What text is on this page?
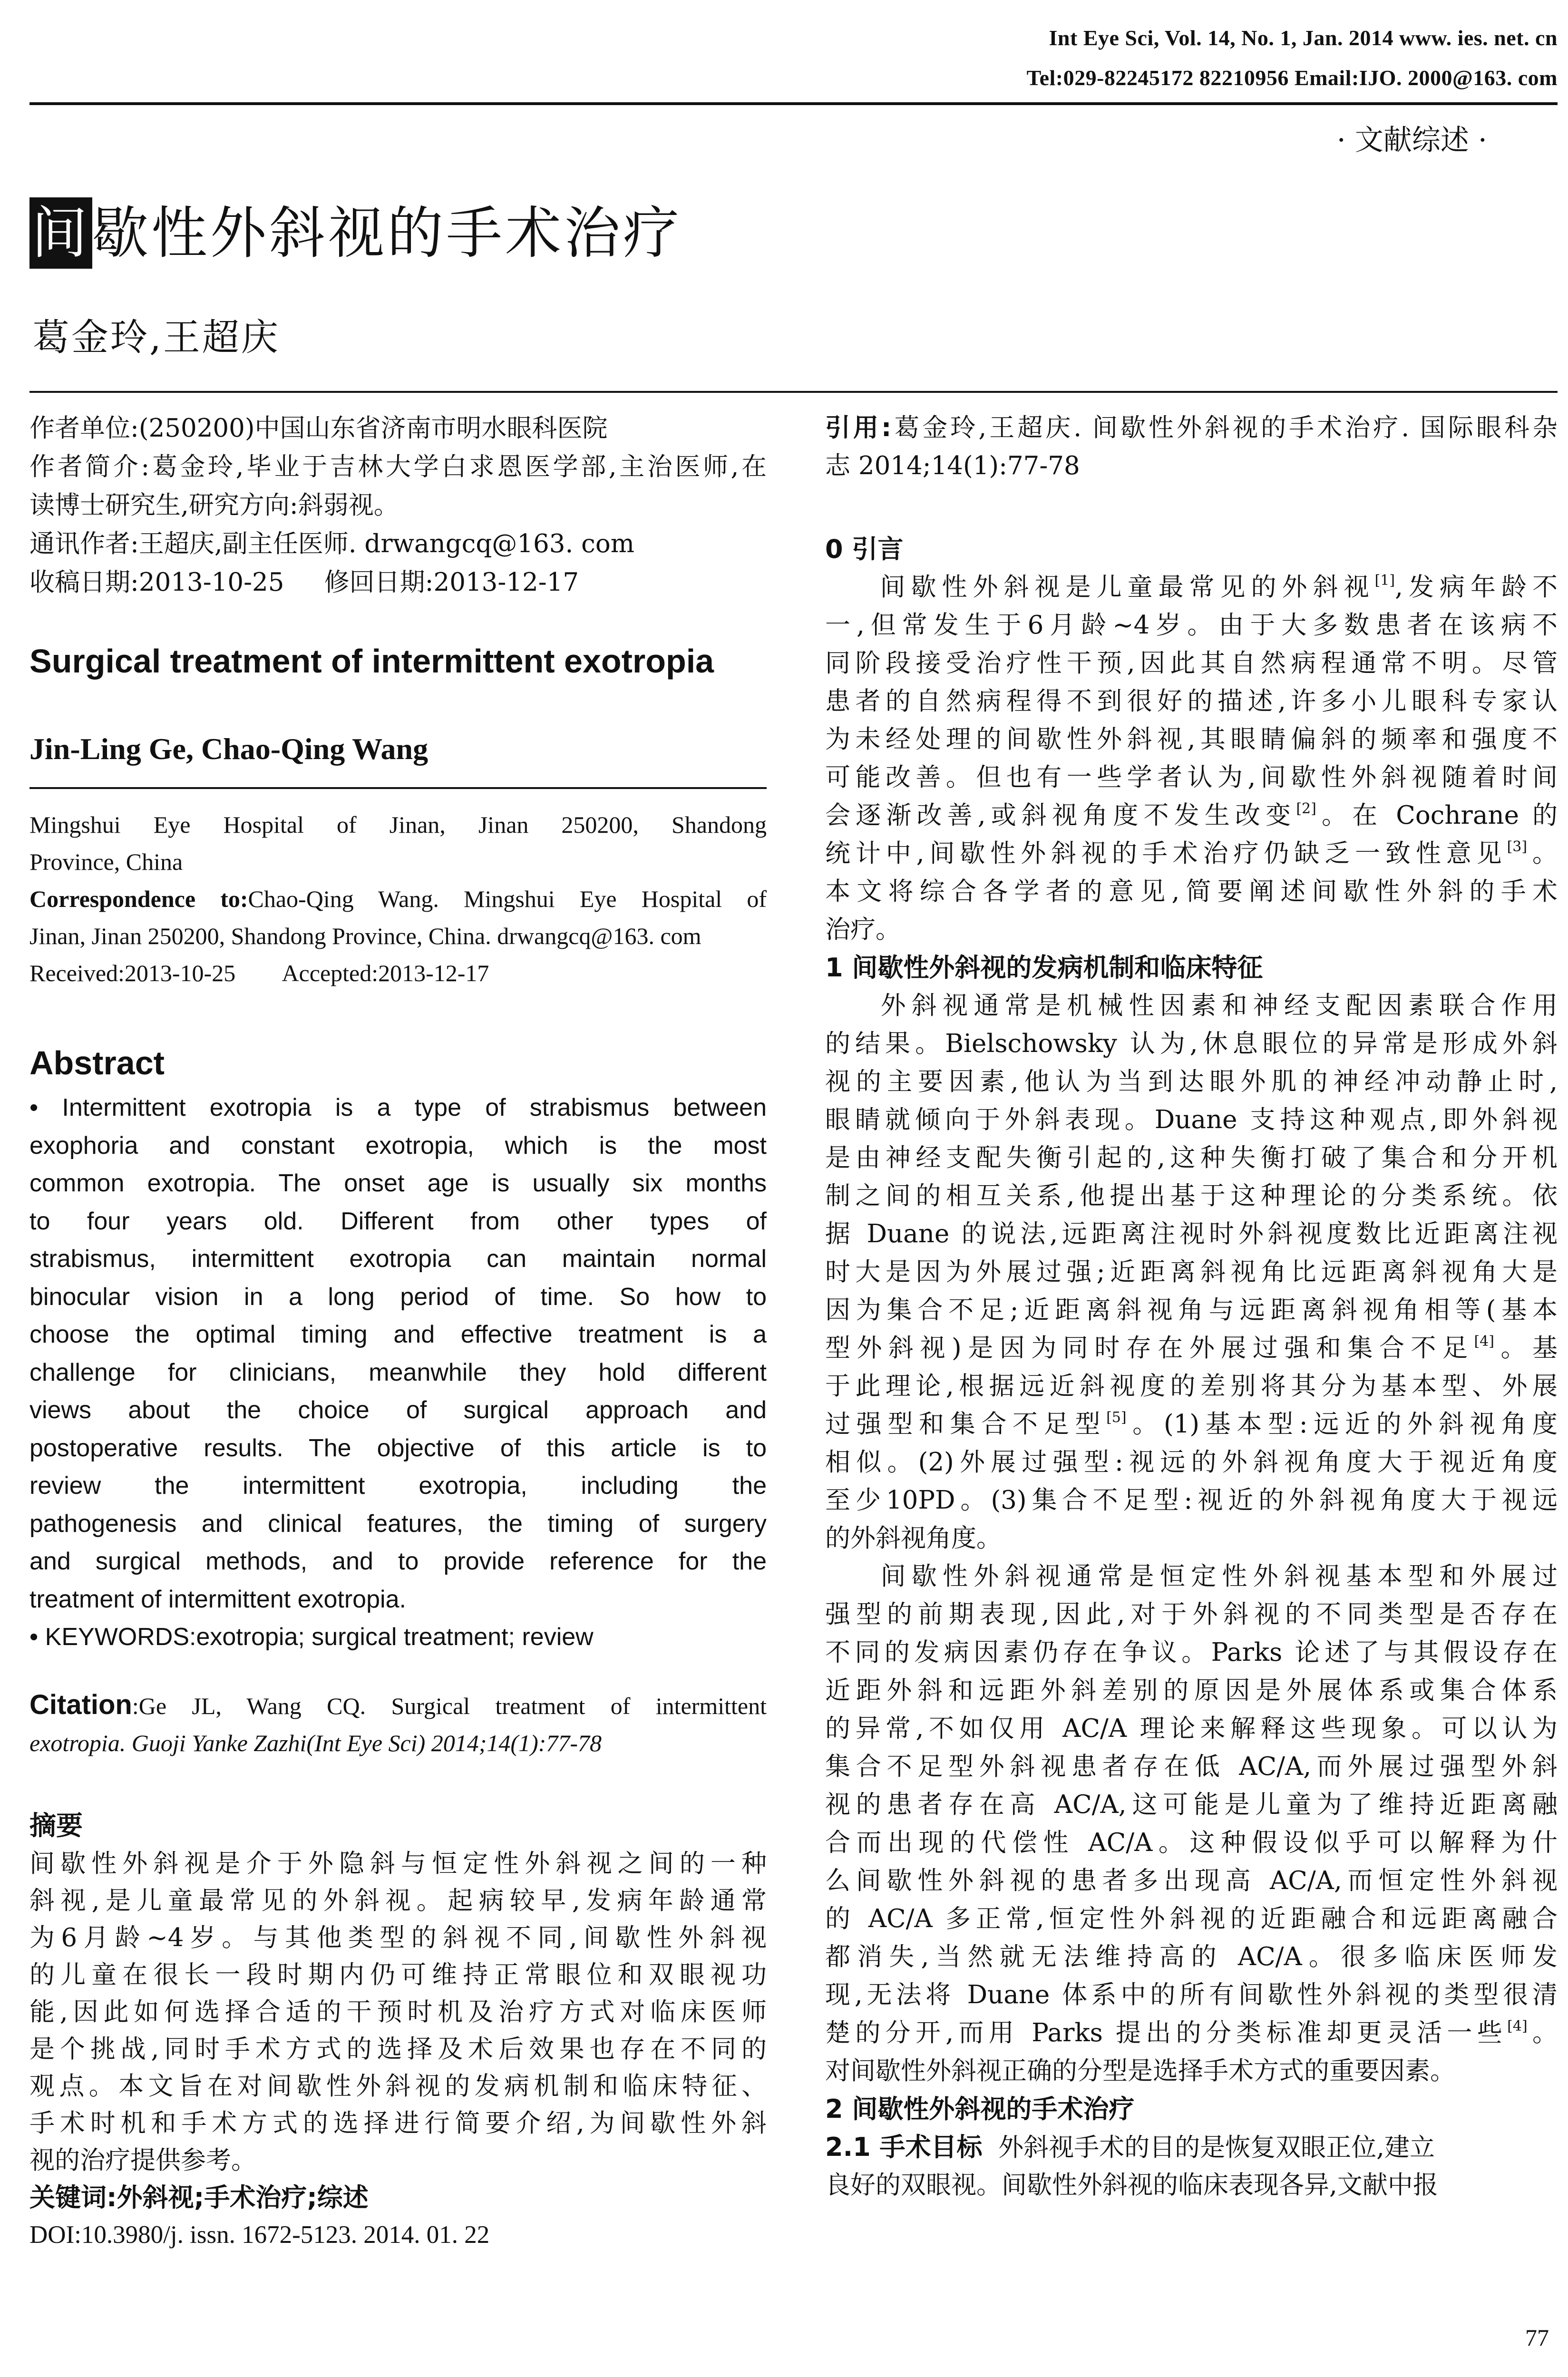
Int Eye Sci, Vol. 14, No. 1, Jan. 2014 www. ies. net. cn
Tel:029-82245172 82210956 Email:IJO. 2000@163. com
· 文献综述 ·
间歇性外斜视的手术治疗
葛金玲,王超庆
作者单位:(250200)中国山东省济南市明水眼科医院
作者简介:葛金玲,毕业于吉林大学白求恩医学部,主治医师,在
读博士研究生,研究方向:斜弱视。
通讯作者:王超庆,副主任医师. drwangcq@163. com
收稿日期:2013-10-25     修回日期:2013-12-17
Surgical treatment of intermittent exotropia
Jin-Ling Ge, Chao-Qing Wang
Mingshui Eye Hospital of Jinan, Jinan 250200, Shandong
Province, China
Correspondence to:Chao-Qing Wang. Mingshui Eye Hospital of
Jinan, Jinan 250200, Shandong Province, China. drwangcq@163. com
Received:2013-10-25        Accepted:2013-12-17
Abstract
• Intermittent exotropia is a type of strabismus between
exophoria and constant exotropia, which is the most
common exotropia. The onset age is usually six months
to four years old. Different from other types of
strabismus, intermittent exotropia can maintain normal
binocular vision in a long period of time. So how to
choose the optimal timing and effective treatment is a
challenge for clinicians, meanwhile they hold different
views about the choice of surgical approach and
postoperative results. The objective of this article is to
review the intermittent exotropia, including the
pathogenesis and clinical features, the timing of surgery
and surgical methods, and to provide reference for the
treatment of intermittent exotropia.
• KEYWORDS:exotropia; surgical treatment; review
Citation:Ge JL, Wang CQ. Surgical treatment of intermittent
exotropia. Guoji Yanke Zazhi(Int Eye Sci) 2014;14(1):77-78
摘要
间歇性外斜视是介于外隐斜与恒定性外斜视之间的一种
斜视,是儿童最常见的外斜视。起病较早,发病年龄通常
为6月龄~4岁。与其他类型的斜视不同,间歇性外斜视
的儿童在很长一段时期内仍可维持正常眼位和双眼视功
能,因此如何选择合适的干预时机及治疗方式对临床医师
是个挑战,同时手术方式的选择及术后效果也存在不同的
观点。本文旨在对间歇性外斜视的发病机制和临床特征、
手术时机和手术方式的选择进行简要介绍,为间歇性外斜
视的治疗提供参考。
关键词:外斜视;手术治疗;综述
DOI:10.3980/j. issn. 1672-5123. 2014. 01. 22
引用:葛金玲,王超庆. 间歇性外斜视的手术治疗. 国际眼科杂
志 2014;14(1):77-78
0 引言
间歇性外斜视是儿童最常见的外斜视[1],发病年龄不
一,但常发生于6月龄~4岁。由于大多数患者在该病不
同阶段接受治疗性干预,因此其自然病程通常不明。尽管
患者的自然病程得不到很好的描述,许多小儿眼科专家认
为未经处理的间歇性外斜视,其眼睛偏斜的频率和强度不
可能改善。但也有一些学者认为,间歇性外斜视随着时间
会逐渐改善,或斜视角度不发生改变[2]。在 Cochrane 的
统计中,间歇性外斜视的手术治疗仍缺乏一致性意见[3]。
本文将综合各学者的意见,简要阐述间歇性外斜的手术
治疗。
1 间歇性外斜视的发病机制和临床特征
外斜视通常是机械性因素和神经支配因素联合作用
的结果。Bielschowsky 认为,休息眼位的异常是形成外斜
视的主要因素,他认为当到达眼外肌的神经冲动静止时,
眼睛就倾向于外斜表现。Duane 支持这种观点,即外斜视
是由神经支配失衡引起的,这种失衡打破了集合和分开机
制之间的相互关系,他提出基于这种理论的分类系统。依
据 Duane 的说法,远距离注视时外斜视度数比近距离注视
时大是因为外展过强;近距离斜视角比远距离斜视角大是
因为集合不足;近距离斜视角与远距离斜视角相等(基本
型外斜视)是因为同时存在外展过强和集合不足[4]。基
于此理论,根据远近斜视度的差别将其分为基本型、外展
过强型和集合不足型[5]。(1)基本型:远近的外斜视角度
相似。(2)外展过强型:视远的外斜视角度大于视近角度
至少10PD。(3)集合不足型:视近的外斜视角度大于视远
的外斜视角度。
间歇性外斜视通常是恒定性外斜视基本型和外展过
强型的前期表现,因此,对于外斜视的不同类型是否存在
不同的发病因素仍存在争议。Parks 论述了与其假设存在
近距外斜和远距外斜差别的原因是外展体系或集合体系
的异常,不如仅用 AC/A 理论来解释这些现象。可以认为
集合不足型外斜视患者存在低 AC/A,而外展过强型外斜
视的患者存在高 AC/A,这可能是儿童为了维持近距离融
合而出现的代偿性 AC/A。这种假设似乎可以解释为什
么间歇性外斜视的患者多出现高 AC/A,而恒定性外斜视
的 AC/A 多正常,恒定性外斜视的近距融合和远距离融合
都消失,当然就无法维持高的 AC/A。很多临床医师发
现,无法将 Duane 体系中的所有间歇性外斜视的类型很清
楚的分开,而用 Parks 提出的分类标准却更灵活一些[4]。
对间歇性外斜视正确的分型是选择手术方式的重要因素。
2 间歇性外斜视的手术治疗
2.1 手术目标  外斜视手术的目的是恢复双眼正位,建立
良好的双眼视。间歇性外斜视的临床表现各异,文献中报
77
